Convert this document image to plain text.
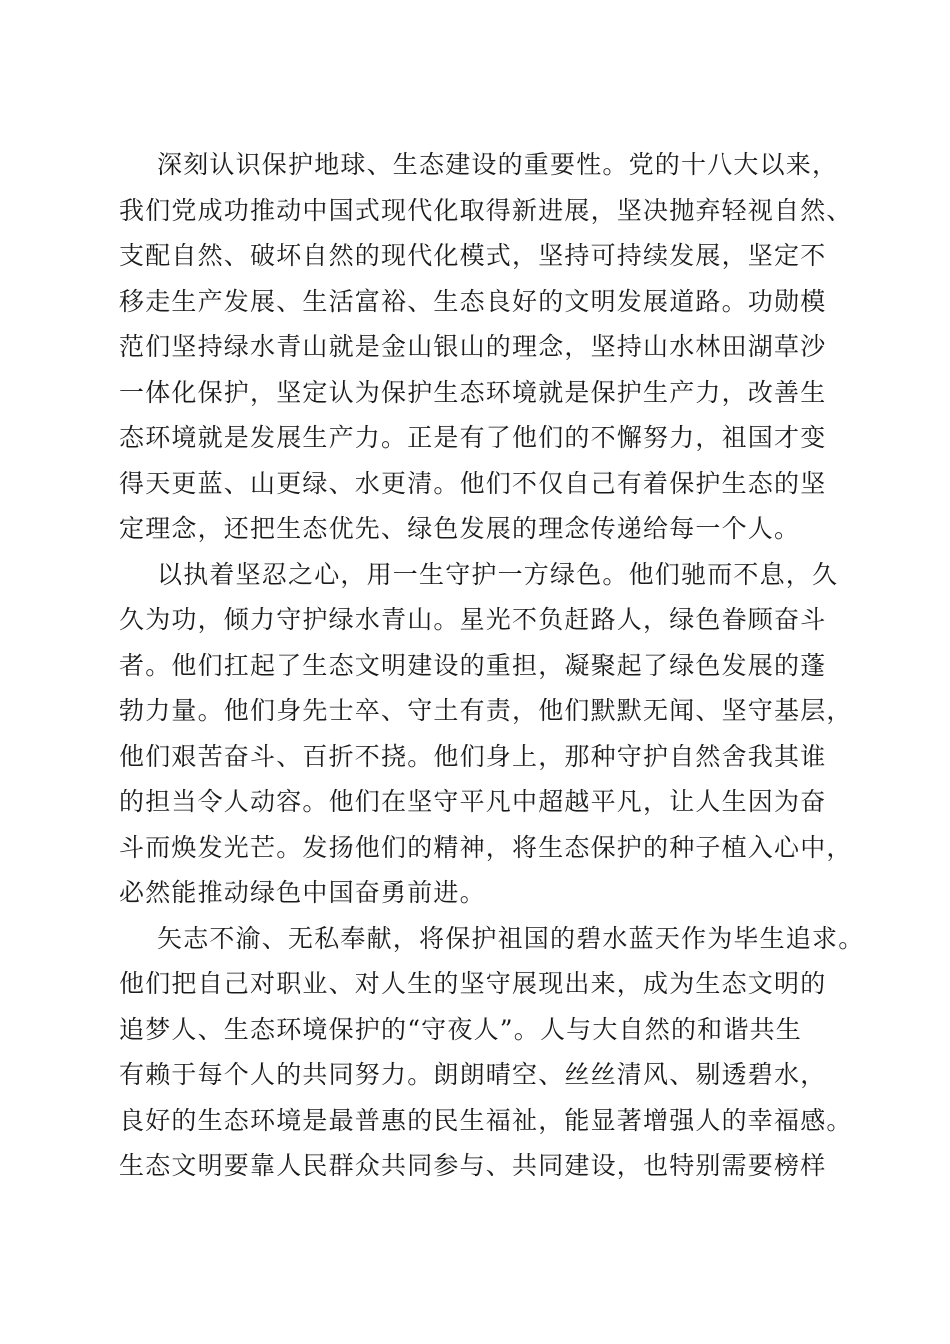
深刻认识保护地球、生态建设的重要性。党的十八大以来，
我们党成功推动中国式现代化取得新进展，坚决抛弃轻视自然、
支配自然、破坏自然的现代化模式，坚持可持续发展，坚定不
移走生产发展、生活富裕、生态良好的文明发展道路。功勋模
范们坚持绿水青山就是金山银山的理念，坚持山水林田湖草沙
一体化保护，坚定认为保护生态环境就是保护生产力，改善生
态环境就是发展生产力。正是有了他们的不懈努力，祖国才变
得天更蓝、山更绿、水更清。他们不仅自己有着保护生态的坚
定理念，还把生态优先、绿色发展的理念传递给每一个人。
以执着坚忍之心，用一生守护一方绿色。他们驰而不息，久
久为功，倾力守护绿水青山。星光不负赶路人，绿色眷顾奋斗
者。他们扛起了生态文明建设的重担，凝聚起了绿色发展的蓬
勃力量。他们身先士卒、守土有责，他们默默无闻、坚守基层，
他们艰苦奋斗、百折不挠。他们身上，那种守护自然舍我其谁
的担当令人动容。他们在坚守平凡中超越平凡，让人生因为奋
斗而焕发光芒。发扬他们的精神，将生态保护的种子植入心中，
必然能推动绿色中国奋勇前进。
矢志不渝、无私奉献，将保护祖国的碧水蓝天作为毕生追求。
他们把自己对职业、对人生的坚守展现出来，成为生态文明的
追梦人、生态环境保护的“守夜人”。人与大自然的和谐共生
有赖于每个人的共同努力。朗朗晴空、丝丝清风、剔透碧水，
良好的生态环境是最普惠的民生福祉，能显著增强人的幸福感。
生态文明要靠人民群众共同参与、共同建设，也特别需要榜样
